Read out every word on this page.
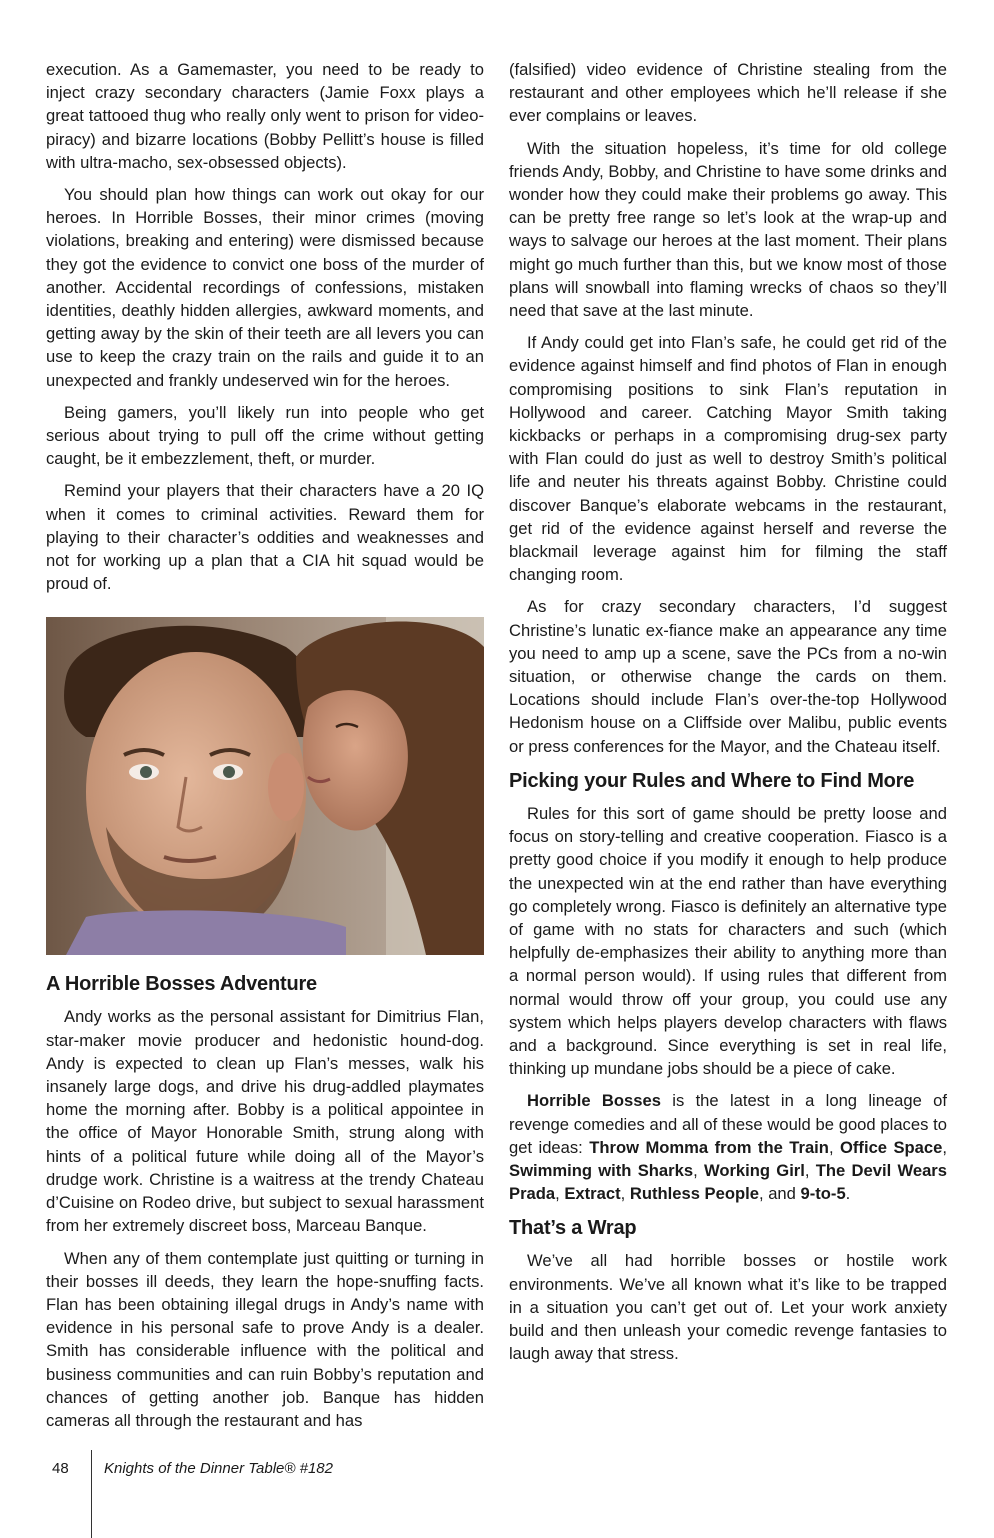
execution. As a Gamemaster, you need to be ready to inject crazy secondary characters (Jamie Foxx plays a great tattooed thug who really only went to prison for video-piracy) and bizarre locations (Bobby Pellitt’s house is filled with ultra-macho, sex-obsessed objects).

You should plan how things can work out okay for our heroes. In Horrible Bosses, their minor crimes (moving violations, breaking and entering) were dismissed because they got the evidence to convict one boss of the murder of another. Accidental recordings of confessions, mistaken identities, deathly hidden allergies, awkward moments, and getting away by the skin of their teeth are all levers you can use to keep the crazy train on the rails and guide it to an unexpected and frankly undeserved win for the heroes.

Being gamers, you’ll likely run into people who get serious about trying to pull off the crime without getting caught, be it embezzlement, theft, or murder.

Remind your players that their characters have a 20 IQ when it comes to criminal activities. Reward them for playing to their character’s oddities and weaknesses and not for working up a plan that a CIA hit squad would be proud of.

A Horrible Bosses Adventure

Andy works as the personal assistant for Dimitrius Flan, star-maker movie producer and hedonistic hound-dog. Andy is expected to clean up Flan’s messes, walk his insanely large dogs, and drive his drug-addled playmates home the morning after. Bobby is a political appointee in the office of Mayor Honorable Smith, strung along with hints of a political future while doing all of the Mayor’s drudge work. Christine is a waitress at the trendy Chateau d’Cuisine on Rodeo drive, but subject to sexual harassment from her extremely discreet boss, Marceau Banque.

When any of them contemplate just quitting or turning in their bosses ill deeds, they learn the hope-snuffing facts. Flan has been obtaining illegal drugs in Andy’s name with evidence in his personal safe to prove Andy is a dealer. Smith has considerable influence with the political and business communities and can ruin Bobby’s reputation and chances of getting another job. Banque has hidden cameras all through the restaurant and has

(falsified) video evidence of Christine stealing from the restaurant and other employees which he’ll release if she ever complains or leaves.

With the situation hopeless, it’s time for old college friends Andy, Bobby, and Christine to have some drinks and wonder how they could make their problems go away. This can be pretty free range so let’s look at the wrap-up and ways to salvage our heroes at the last moment. Their plans might go much further than this, but we know most of those plans will snowball into flaming wrecks of chaos so they’ll need that save at the last minute.

If Andy could get into Flan’s safe, he could get rid of the evidence against himself and find photos of Flan in enough compromising positions to sink Flan’s reputation in Hollywood and career. Catching Mayor Smith taking kickbacks or perhaps in a compromising drug-sex party with Flan could do just as well to destroy Smith’s political life and neuter his threats against Bobby. Christine could discover Banque’s elaborate webcams in the restaurant, get rid of the evidence against herself and reverse the blackmail leverage against him for filming the staff changing room.

As for crazy secondary characters, I’d suggest Christine’s lunatic ex-fiance make an appearance any time you need to amp up a scene, save the PCs from a no-win situation, or otherwise change the cards on them. Locations should include Flan’s over-the-top Hollywood Hedonism house on a Cliffside over Malibu, public events or press conferences for the Mayor, and the Chateau itself.

Picking your Rules and Where to Find More

Rules for this sort of game should be pretty loose and focus on story-telling and creative cooperation. Fiasco is a pretty good choice if you modify it enough to help produce the unexpected win at the end rather than have everything go completely wrong. Fiasco is definitely an alternative type of game with no stats for characters and such (which helpfully de-emphasizes their ability to anything more than a normal person would). If using rules that different from normal would throw off your group, you could use any system which helps players develop characters with flaws and a background. Since everything is set in real life, thinking up mundane jobs should be a piece of cake.

Horrible Bosses is the latest in a long lineage of revenge comedies and all of these would be good places to get ideas: Throw Momma from the Train, Office Space, Swimming with Sharks, Working Girl, The Devil Wears Prada, Extract, Ruthless People, and 9-to-5.

That’s a Wrap

We’ve all had horrible bosses or hostile work environments. We’ve all known what it’s like to be trapped in a situation you can’t get out of. Let your work anxiety build and then unleash your comedic revenge fantasies to laugh away that stress.

48 Knights of the Dinner Table® #182
